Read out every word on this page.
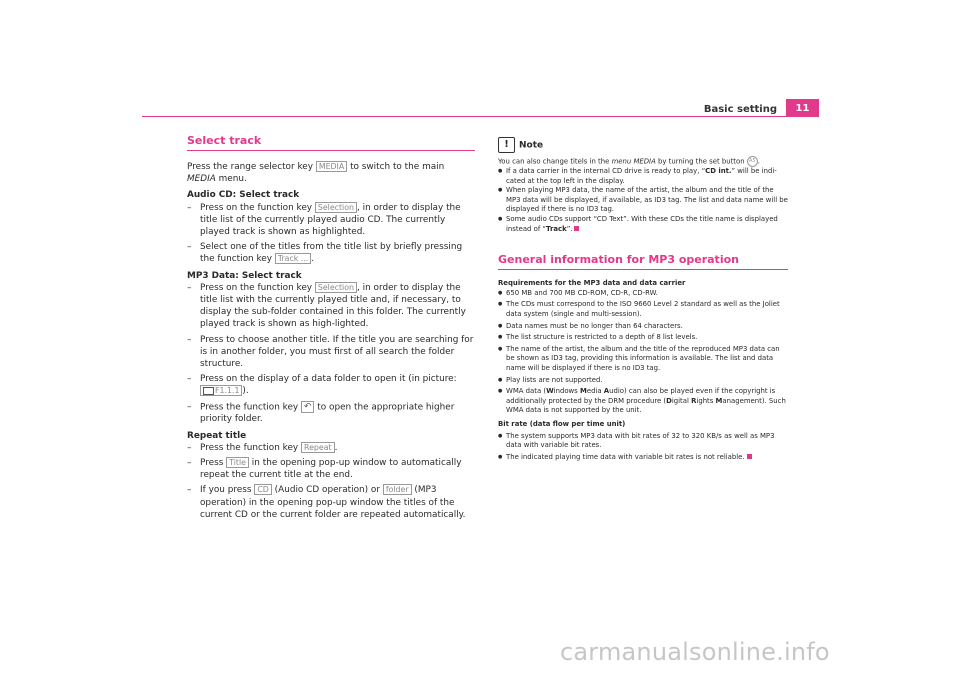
Basic setting	11
Select track

Press the range selector key MEDIA to switch to the main MEDIA menu.

Audio CD: Select track

– Press on the function key Selection , in order to display the title list of the currently played audio CD. The currently played track is shown as highlighted.

– Select one of the titles from the title list by briefly pressing the function key Track ... .

MP3 Data: Select track

– Press on the function key Selection , in order to display the title list with the currently played title and, if necessary, to display the sub-folder contained in this folder. The currently played track is shown as high-lighted.

– Press to choose another title. If the title you are searching for is in another folder, you must first of all search the folder structure.

– Press on the display of a data folder to open it (in picture: F1.1.1 ).

– Press the function key ↶ to open the appropriate higher priority folder.

Repeat title

– Press the function key Repeat .

– Press Title in the opening pop-up window to automatically repeat the current title at the end.

– If you press CD (Audio CD operation) or folder (MP3 operation) in the opening pop-up window the titles of the current CD or the current folder are repeated automatically.

!Note

You can also change titels in the menu MEDIA by turning the set button A5 .

● If a data carrier in the internal CD drive is ready to play, “CD int.” will be indi-cated at the top left in the display.

● When playing MP3 data, the name of the artist, the album and the title of the MP3 data will be displayed, if available, as ID3 tag. The list and data name will be displayed if there is no ID3 tag.

● Some audio CDs support “CD Text”. With these CDs the title name is displayed instead of “Track”.

General information for MP3 operation

Requirements for the MP3 data and data carrier

● 650 MB and 700 MB CD-ROM, CD-R, CD-RW.

● The CDs must correspond to the ISO 9660 Level 2 standard as well as the Joliet data system (single and multi-session).

● Data names must be no longer than 64 characters.

● The list structure is restricted to a depth of 8 list levels.

● The name of the artist, the album and the title of the reproduced MP3 data can be shown as ID3 tag, providing this information is available. The list and data name will be displayed if there is no ID3 tag.

● Play lists are not supported.

● WMA data (Windows Media Audio) can also be played even if the copyright is additionally protected by the DRM procedure (Digital Rights Management). Such WMA data is not supported by the unit.

Bit rate (data flow per time unit)

● The system supports MP3 data with bit rates of 32 to 320 KB/s as well as MP3 data with variable bit rates.

● The indicated playing time data with variable bit rates is not reliable.

carmanualsonline.info
